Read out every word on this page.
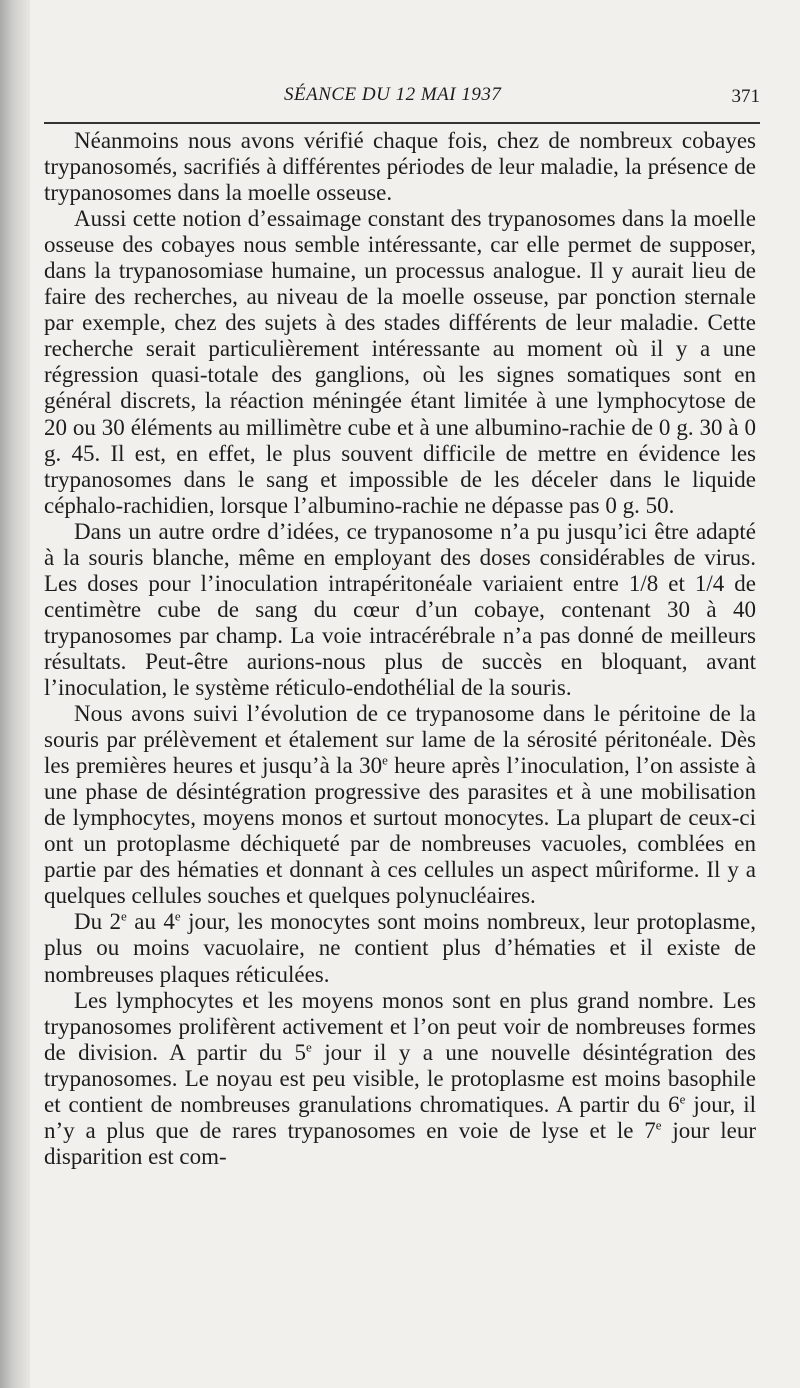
SÉANCE DU 12 MAI 1937	371

Néanmoins nous avons vérifié chaque fois, chez de nombreux cobayes trypanosomés, sacrifiés à différentes périodes de leur maladie, la présence de trypanosomes dans la moelle osseuse.

Aussi cette notion d’essaimage constant des trypanosomes dans la moelle osseuse des cobayes nous semble intéressante, car elle permet de supposer, dans la trypanosomiase humaine, un processus analogue. Il y aurait lieu de faire des recherches, au niveau de la moelle osseuse, par ponction sternale par exemple, chez des sujets à des stades différents de leur maladie. Cette recherche serait particulièrement intéressante au moment où il y a une régression quasi-totale des ganglions, où les signes somatiques sont en général discrets, la réaction méningée étant limitée à une lymphocytose de 20 ou 30 éléments au millimètre cube et à une albumino-rachie de 0 g. 30 à 0 g. 45. Il est, en effet, le plus souvent difficile de mettre en évidence les trypanosomes dans le sang et impossible de les déceler dans le liquide céphalo-rachidien, lorsque l’albumino-rachie ne dépasse pas 0 g. 50.

Dans un autre ordre d’idées, ce trypanosome n’a pu jusqu’ici être adapté à la souris blanche, même en employant des doses considérables de virus. Les doses pour l’inoculation intrapéritonéale variaient entre 1/8 et 1/4 de centimètre cube de sang du cœur d’un cobaye, contenant 30 à 40 trypanosomes par champ. La voie intracérébrale n’a pas donné de meilleurs résultats. Peut-être aurions-nous plus de succès en bloquant, avant l’inoculation, le système réticulo-endothélial de la souris.

Nous avons suivi l’évolution de ce trypanosome dans le péritoine de la souris par prélèvement et étalement sur lame de la sérosité péritonéale. Dès les premières heures et jusqu’à la 30e heure après l’inoculation, l’on assiste à une phase de désintégration progressive des parasites et à une mobilisation de lymphocytes, moyens monos et surtout monocytes. La plupart de ceux-ci ont un protoplasme déchiqueté par de nombreuses vacuoles, comblées en partie par des hématies et donnant à ces cellules un aspect mûriforme. Il y a quelques cellules souches et quelques polynucléaires.

Du 2e au 4e jour, les monocytes sont moins nombreux, leur protoplasme, plus ou moins vacuolaire, ne contient plus d’hématies et il existe de nombreuses plaques réticulées.

Les lymphocytes et les moyens monos sont en plus grand nombre. Les trypanosomes prolifèrent activement et l’on peut voir de nombreuses formes de division. A partir du 5e jour il y a une nouvelle désintégration des trypanosomes. Le noyau est peu visible, le protoplasme est moins basophile et contient de nombreuses granulations chromatiques. A partir du 6e jour, il n’y a plus que de rares trypanosomes en voie de lyse et le 7e jour leur disparition est com-
